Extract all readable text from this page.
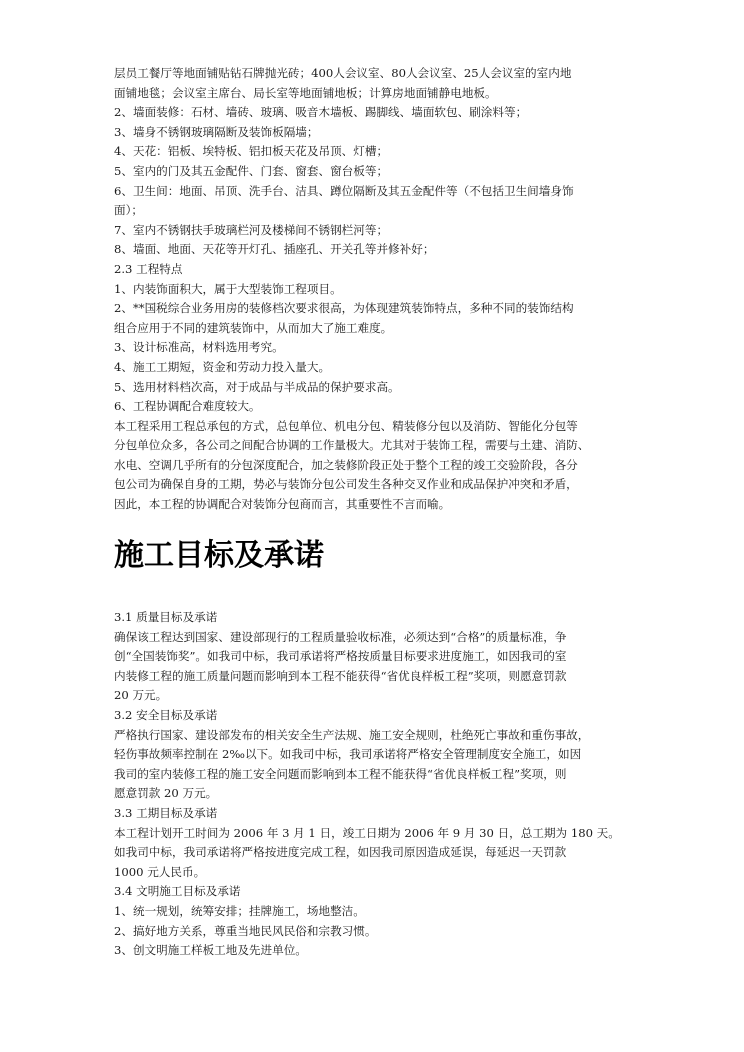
层员工餐厅等地面铺贴钻石牌抛光砖；400人会议室、80人会议室、25人会议室的室内地
面铺地毯；会议室主席台、局长室等地面铺地板；计算房地面铺静电地板。
2、墙面装修：石材、墙砖、玻璃、吸音木墙板、踢脚线、墙面软包、刷涂料等；
3、墙身不锈钢玻璃隔断及装饰板隔墙；
4、天花：铝板、埃特板、铝扣板天花及吊顶、灯槽；
5、室内的门及其五金配件、门套、窗套、窗台板等；
6、卫生间：地面、吊顶、洗手台、洁具、蹲位隔断及其五金配件等（不包括卫生间墙身饰
面）；
7、室内不锈钢扶手玻璃栏河及楼梯间不锈钢栏河等；
8、墙面、地面、天花等开灯孔、插座孔、开关孔等并修补好；
2.3 工程特点
1、内装饰面积大，属于大型装饰工程项目。
2、**国税综合业务用房的装修档次要求很高，为体现建筑装饰特点，多种不同的装饰结构
组合应用于不同的建筑装饰中，从而加大了施工难度。
3、设计标准高，材料选用考究。
4、施工工期短，资金和劳动力投入量大。
5、选用材料档次高，对于成品与半成品的保护要求高。
6、工程协调配合难度较大。
本工程采用工程总承包的方式，总包单位、机电分包、精装修分包以及消防、智能化分包等
分包单位众多，各公司之间配合协调的工作量极大。尤其对于装饰工程，需要与土建、消防、
水电、空调几乎所有的分包深度配合，加之装修阶段正处于整个工程的竣工交验阶段，各分
包公司为确保自身的工期，势必与装饰分包公司发生各种交叉作业和成品保护冲突和矛盾，
因此，本工程的协调配合对装饰分包商而言，其重要性不言而喻。
施工目标及承诺
3.1 质量目标及承诺
确保该工程达到国家、建设部现行的工程质量验收标准，必须达到“合格”的质量标准，争
创“全国装饰奖”。如我司中标，我司承诺将严格按质量目标要求进度施工，如因我司的室
内装修工程的施工质量问题而影响到本工程不能获得“省优良样板工程”奖项，则愿意罚款
20 万元。
3.2 安全目标及承诺
严格执行国家、建设部发布的相关安全生产法规、施工安全规则，杜绝死亡事故和重伤事故，
轻伤事故频率控制在 2‰以下。如我司中标，我司承诺将严格安全管理制度安全施工，如因
我司的室内装修工程的施工安全问题而影响到本工程不能获得“省优良样板工程”奖项，则
愿意罚款 20 万元。
3.3 工期目标及承诺
本工程计划开工时间为 2006 年 3 月 1 日，竣工日期为 2006 年 9 月 30 日，总工期为 180 天。
如我司中标，我司承诺将严格按进度完成工程，如因我司原因造成延误，每延迟一天罚款
1000 元人民币。
3.4 文明施工目标及承诺
1、统一规划，统筹安排；挂牌施工，场地整洁。
2、搞好地方关系，尊重当地民风民俗和宗教习惯。
3、创文明施工样板工地及先进单位。
